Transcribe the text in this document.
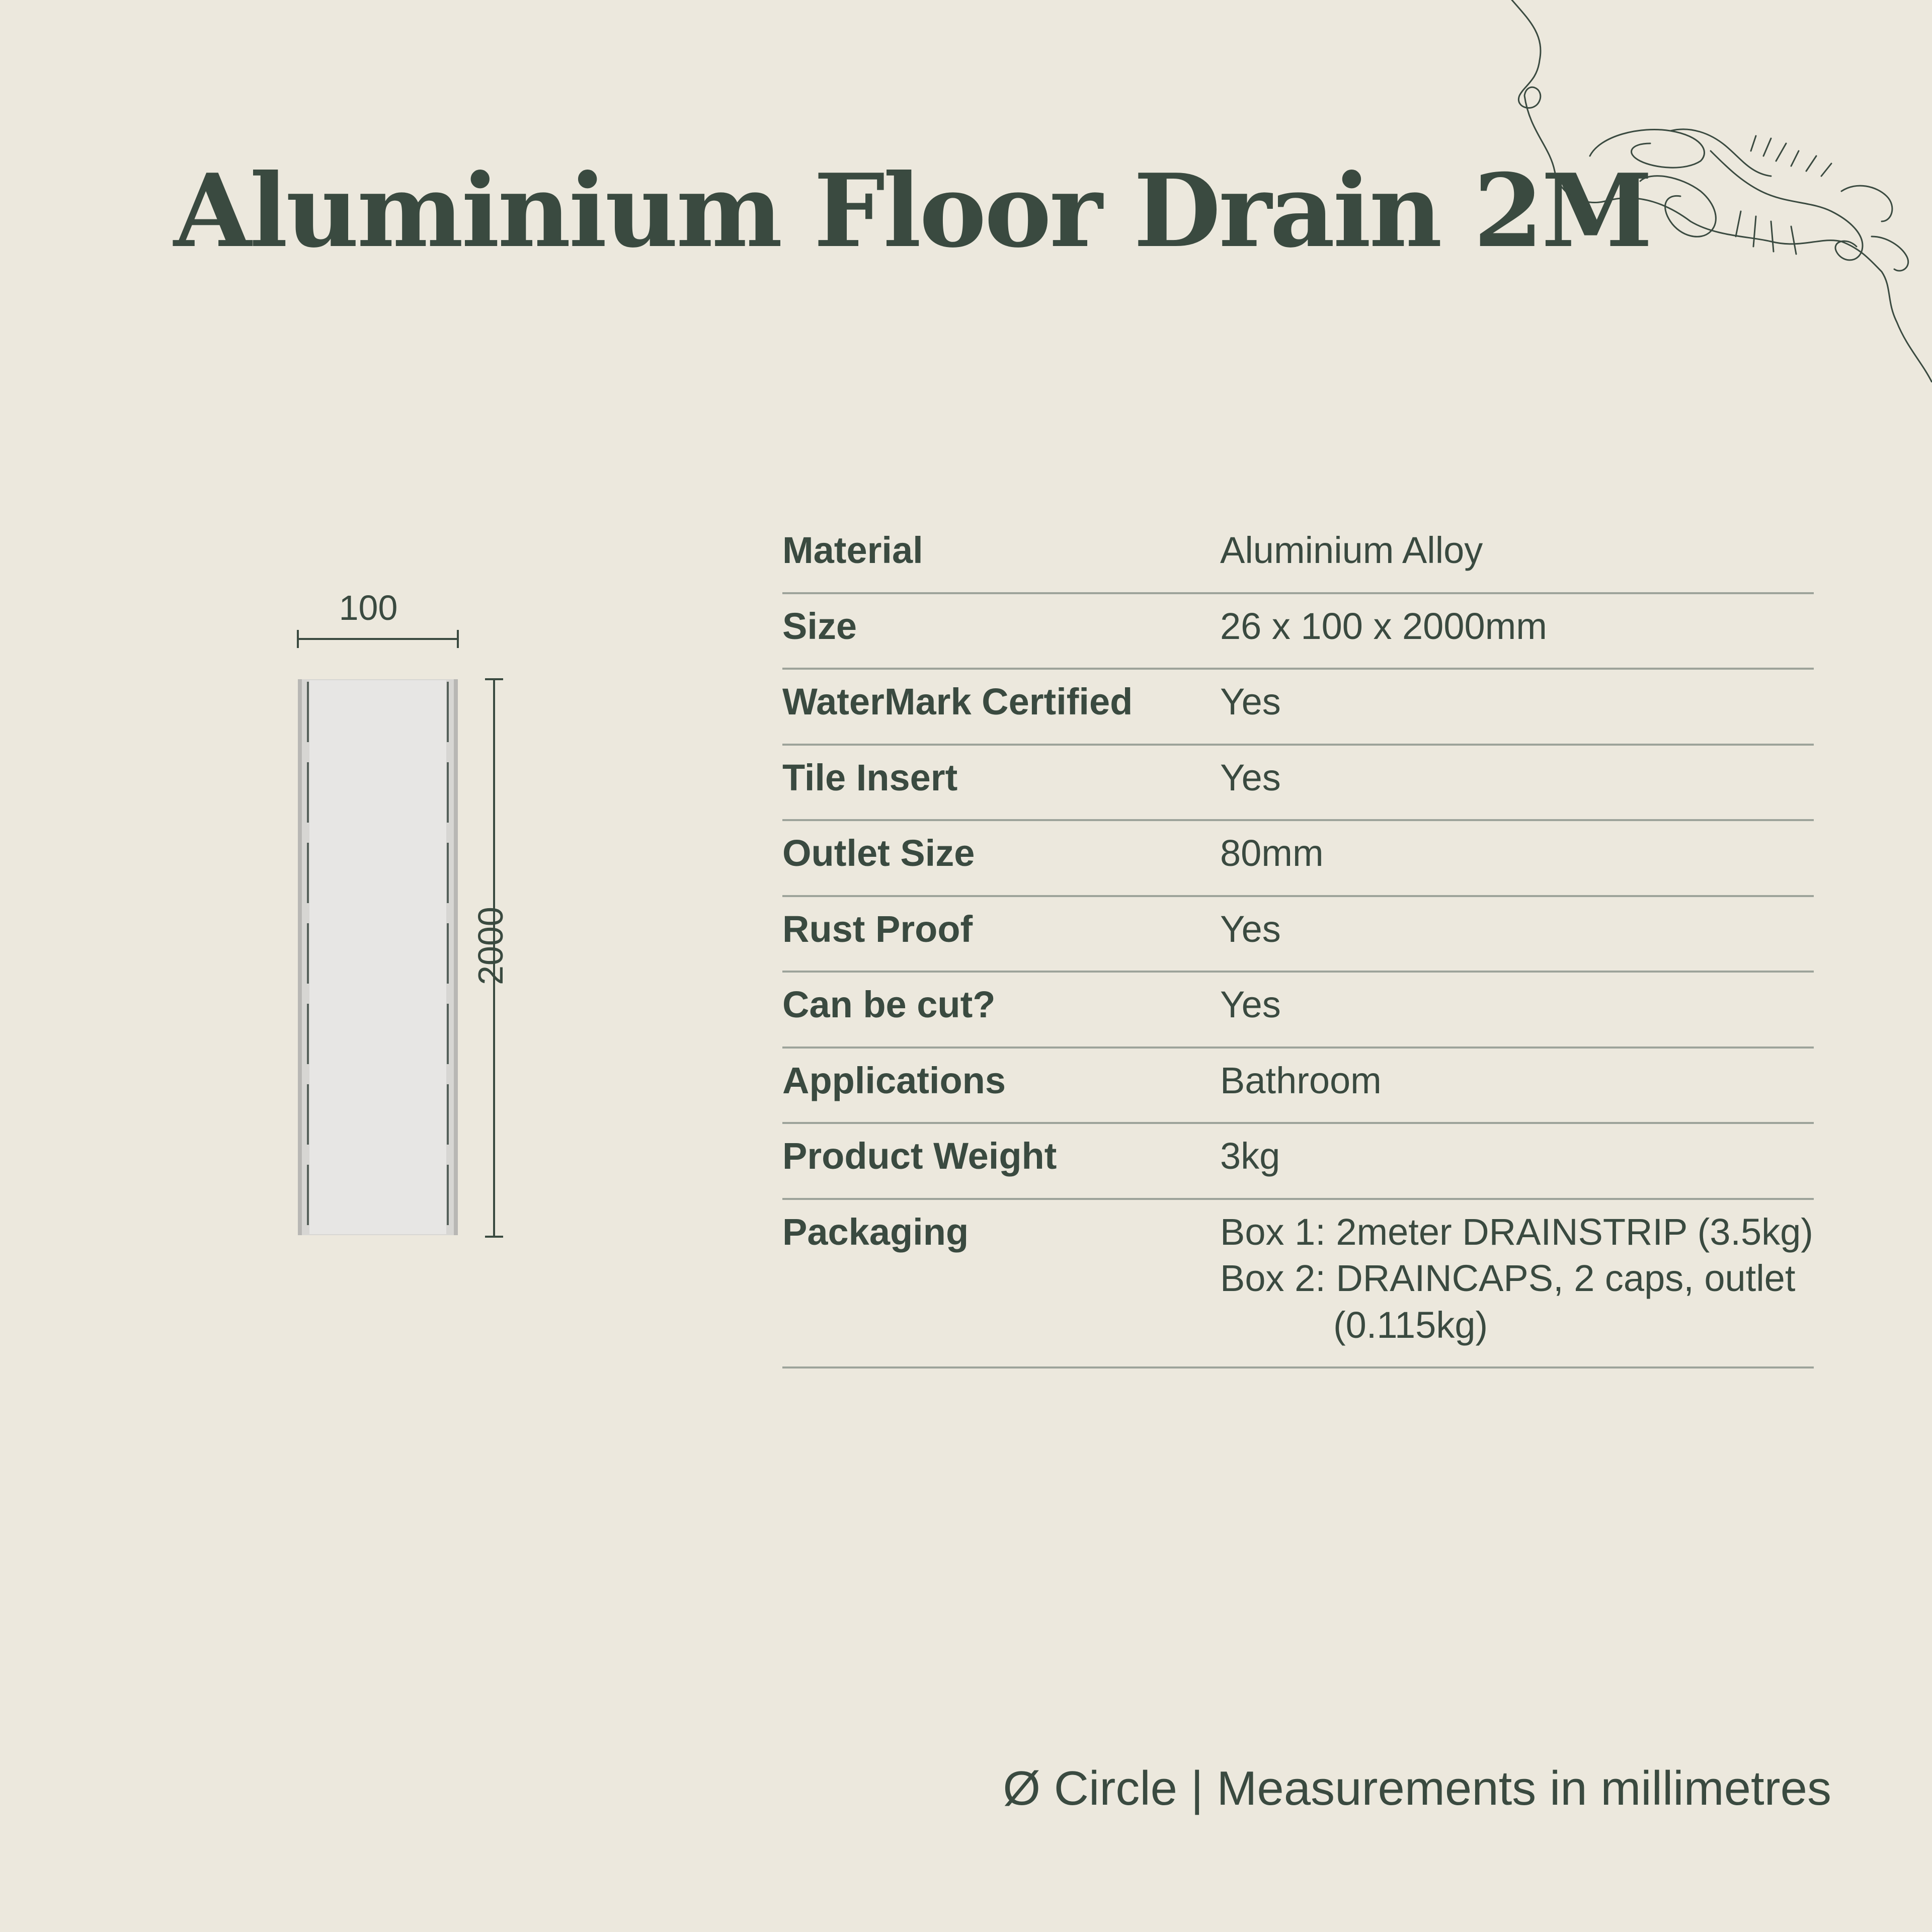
Aluminium Floor Drain 2M
100
2000
Material	Aluminium Alloy
Size	26 x 100 x 2000mm
WaterMark Certified	Yes
Tile Insert	Yes
Outlet Size	80mm
Rust Proof	Yes
Can be cut?	Yes
Applications	Bathroom
Product Weight	3kg
Packaging	Box 1: 2meter DRAINSTRIP (3.5kg)
Box 2: DRAINCAPS, 2 caps, outlet
(0.115kg)
Ø Circle | Measurements in millimetres
